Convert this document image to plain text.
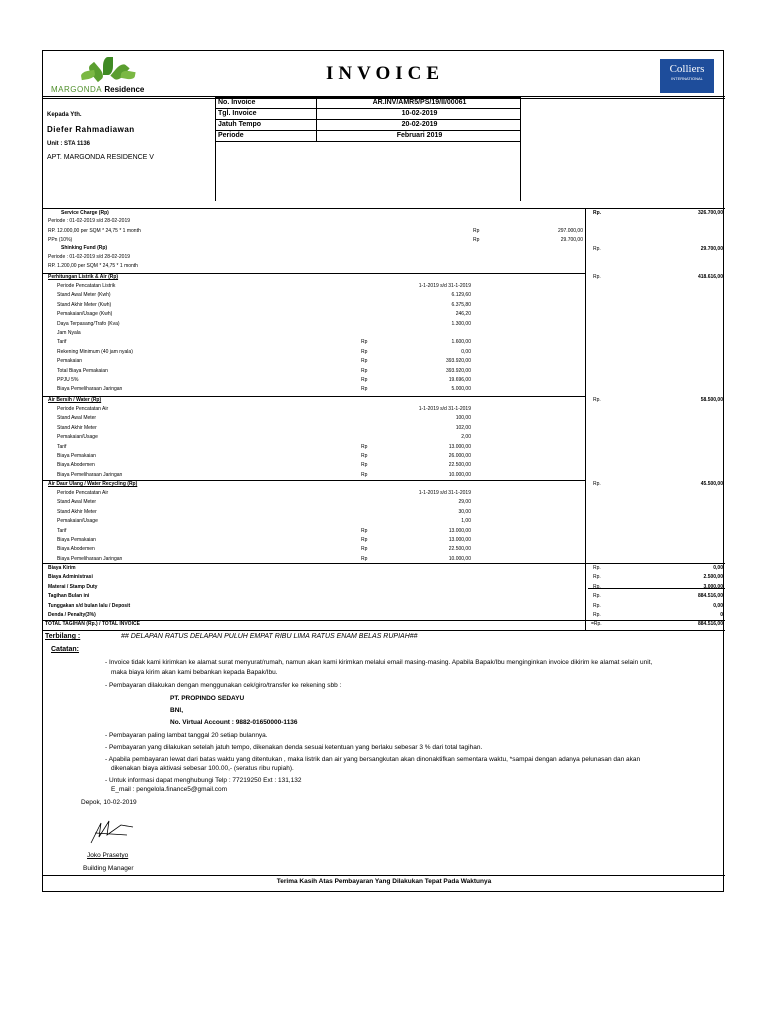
MARGONDA Residence
INVOICE	Colliers
INTERNATIONAL
Kepada Yth.
Diefer Rahmadiawan
Unit : STA 1136
APT. MARGONDA RESIDENCE V
No. Invoice	AR.INV/AMR5/PS/19/II/00061
Tgl. Invoice	10-02-2019
Jatuh Tempo	20-02-2019
Periode	Februari 2019
Service Charge (Rp)
Periode : 01-02-2019 s/d 28-02-2019
RP. 12.000,00 per SQM * 24,75 * 1 month	Rp	297.000,00
PPn (10%)	Rp	29.700,00
Rp.	326.700,00
Shinking Fund (Rp)
Periode : 01-02-2019 s/d 28-02-2019
RP. 1.200,00 per SQM * 24,75 * 1 month
Rp.	29.700,00
Perhitungan Listrik & Air (Rp)	Rp.	418.616,00
Periode Pencatatan Listrik	1-1-2019 s/d 31-1-2019
Stand Awal Meter (Kwh)	6.129,60
Stand Akhir Meter (Kwh)	6.375,80
Pemakaian/Usage (Kwh)	246,20
Daya Terpasang/Trafo (Kva)	1.300,00
Jam Nyala
Tarif	Rp	1.600,00
Rekening Minimum (40 jam nyala)	Rp	0,00
Pemakaian	Rp	393.920,00
Total Biaya Pemakaian	Rp	393.920,00
PPJU 5%	Rp	19.696,00
Biaya Pemeliharaan Jaringan	Rp	5.000,00
Air Bersih / Water (Rp)	Rp.	58.500,00
Periode Pencatatan Air	1-1-2019 s/d 31-1-2019
Stand Awal Meter	100,00
Stand Akhir Meter	102,00
Pemakaian/Usage	2,00
Tarif	Rp	13.000,00
Biaya Pemakaian	Rp	26.000,00
Biaya Abodemen	Rp	22.500,00
Biaya Pemeliharaan Jaringan	Rp	10.000,00
Air Daur Ulang / Water Recycling (Rp)	Rp.	45.500,00
Periode Pencatatan Air	1-1-2019 s/d 31-1-2019
Stand Awal Meter	29,00
Stand Akhir Meter	30,00
Pemakaian/Usage	1,00
Tarif	Rp	13.000,00
Biaya Pemakaian	Rp	13.000,00
Biaya Abodemen	Rp	22.500,00
Biaya Pemeliharaan Jaringan	Rp	10.000,00
Biaya Kirim	Rp.	0,00
Biaya Administrasi	Rp.	2.500,00
Materai / Stamp Duty	Rp.	3.000,00
Tagihan Bulan ini	Rp.	884.516,00
Tunggakan s/d bulan lalu / Deposit	Rp.	0,00
Denda / Penalty(3%)	Rp.	0
TOTAL TAGIHAN (Rp.) / TOTAL INVOICE	=Rp.	884.516,00
Terbilang :	## DELAPAN RATUS DELAPAN PULUH EMPAT RIBU LIMA RATUS ENAM BELAS RUPIAH##
Catatan:
- Invoice tidak kami kirimkan ke alamat surat menyurat/rumah, namun akan kami kirimkan melalui email masing-masing. Apabila Bapak/Ibu menginginkan invoice dikirim ke alamat selain unit,
maka biaya kirim akan kami bebankan kepada Bapak/Ibu.
- Pembayaran dilakukan dengan menggunakan cek/giro/transfer ke rekening sbb :
PT. PROPINDO SEDAYU
BNI,
No. Virtual Account : 9882-01650000-1136
- Pembayaran paling lambat tanggal 20 setiap bulannya.
- Pembayaran yang dilakukan setelah jatuh tempo, dikenakan denda sesuai ketentuan yang berlaku sebesar 3 % dari total tagihan.
- Apabila pembayaran lewat dari batas waktu yang ditentukan , maka listrik dan air yang bersangkutan akan dinonaktifkan sementara waktu, *sampai dengan adanya pelunasan dan akan
dikenakan biaya aktivasi sebesar 100.00,- (seratus ribu rupiah).
- Untuk informasi dapat menghubungi Telp : 77219250 Ext : 131,132
E_mail : pengelola.finance5@gmail.com
Depok, 10-02-2019
Joko Prasetyo
Building Manager
Terima Kasih Atas Pembayaran Yang Dilakukan Tepat Pada Waktunya
